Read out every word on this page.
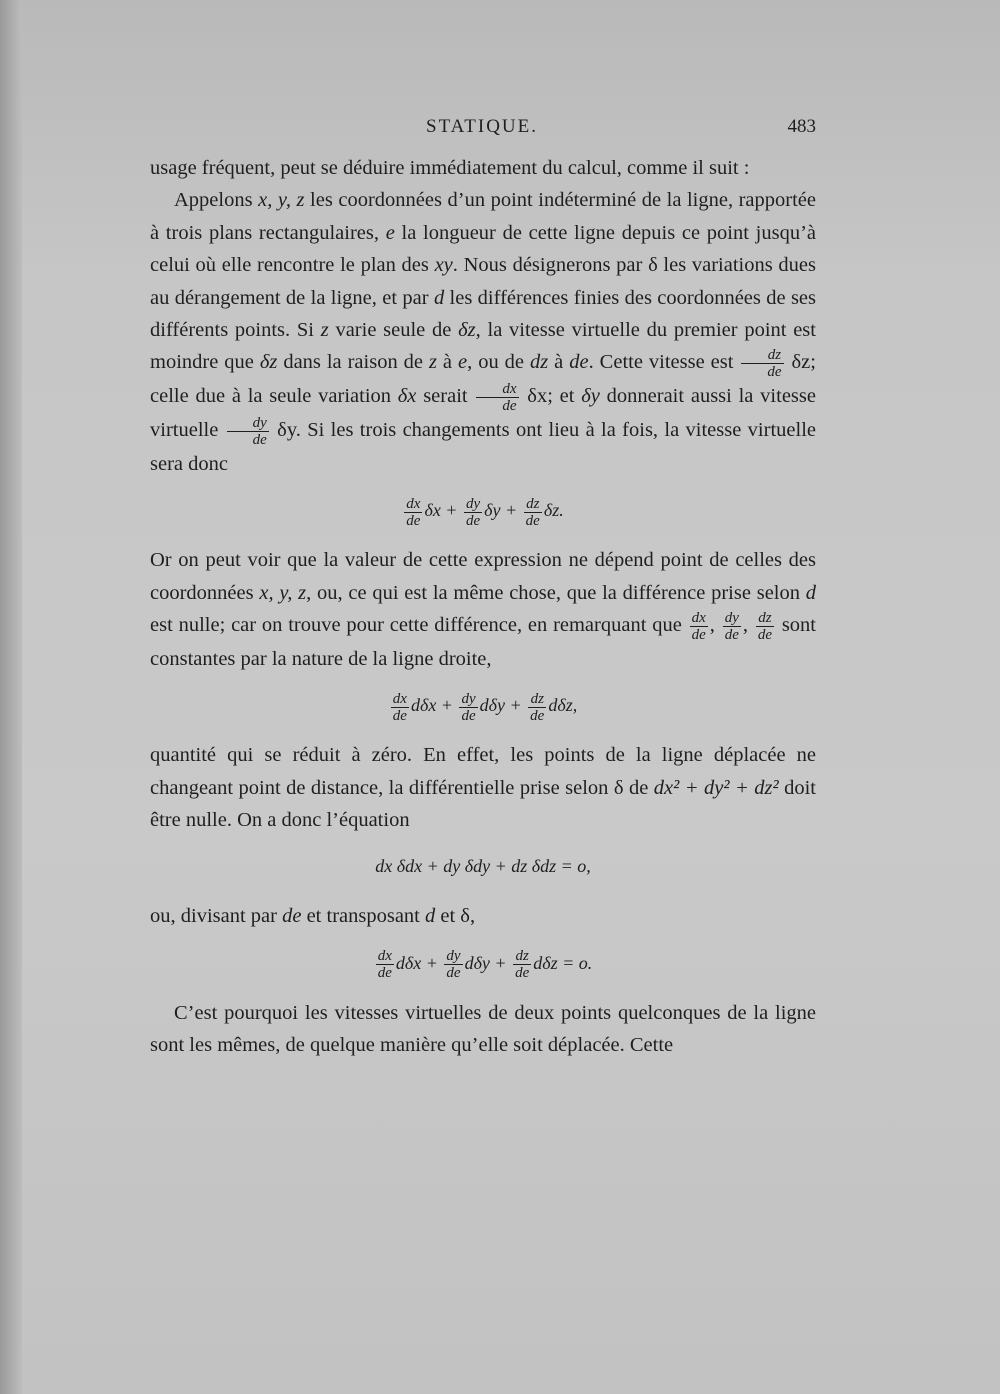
STATIQUE.	483

usage fréquent, peut se déduire immédiatement du calcul, comme il suit :

Appelons x, y, z les coordonnées d’un point indéterminé de la ligne, rapportée à trois plans rectangulaires, e la longueur de cette ligne depuis ce point jusqu’à celui où elle rencontre le plan des xy. Nous désignerons par δ les variations dues au dérangement de la ligne, et par d les différences finies des coordonnées de ses différents points. Si z varie seule de δz, la vitesse virtuelle du premier point est moindre que δz dans la raison de z à e, ou de dz à de. Cette vitesse est $\frac{dz}{de} \delta z$; celle due à la seule variation δx serait $\frac{dx}{de} \delta x$; et δy donnerait aussi la vitesse virtuelle $\frac{dy}{de} \delta y$. Si les trois changements ont lieu à la fois, la vitesse virtuelle sera donc

$\frac{dx}{de}$ $\delta x + \frac{dy}{de}$ $\delta y + \frac{dz}{de} \delta z$.

Or on peut voir que la valeur de cette expression ne dépend point de celles des coordonnées x, y, z, ou, ce qui est la même chose, que la différence prise selon d est nulle; car on trouve pour cette différence, en remarquant que $\frac{dx}{de}$ , $\frac{dy}{de}$ , $\frac{dz}{de}$ sont constantes par la nature de la ligne droite,

$\frac{dx}{de}$ $d\delta x + \frac{dy}{de}$ $d\delta y + \frac{dz}{de} d\delta z$,

quantité qui se réduit à zéro. En effet, les points de la ligne déplacée ne changeant point de distance, la différentielle prise selon δ de dx² + dy² + dz² doit être nulle. On a donc l’équation

dx δdx + dy δdy + dz δdz = o,

ou, divisant par de et transposant d et δ,

$\frac{dx}{de}$ $d\delta x + \frac{dy}{de}$ $d\delta y + \frac{dz}{de}$ dδz = o.

C’est pourquoi les vitesses virtuelles de deux points quelconques de la ligne sont les mêmes, de quelque manière qu’elle soit déplacée. Cette
